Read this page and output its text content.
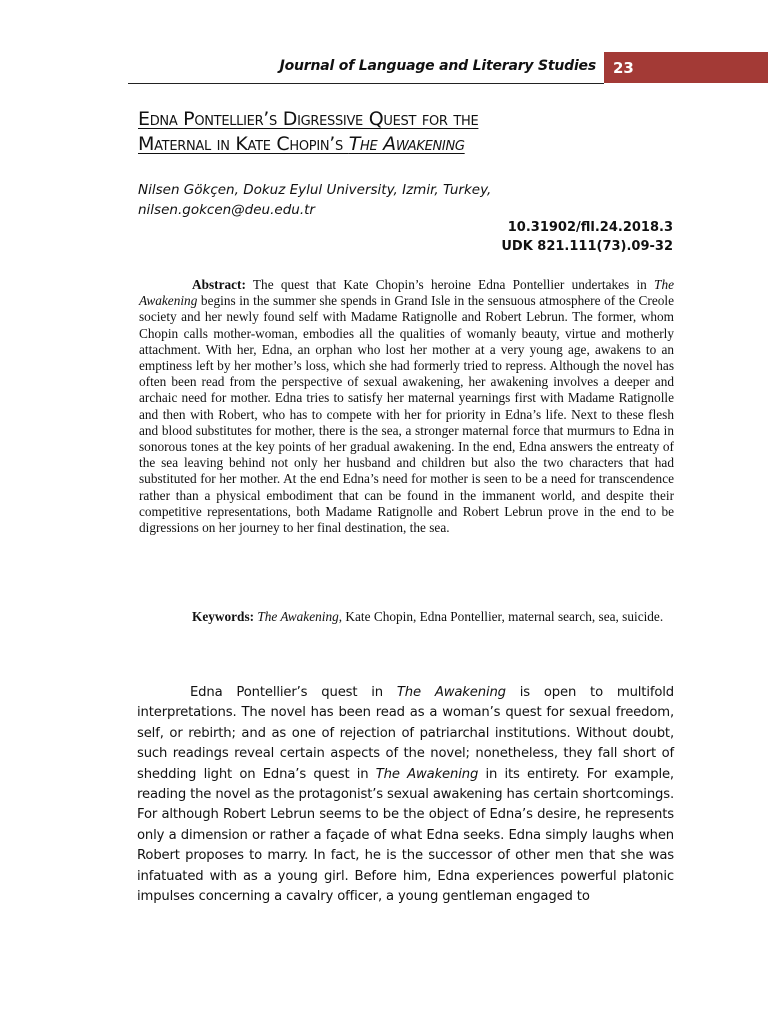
Journal of Language and Literary Studies 23
Edna Pontellier’s Digressive Quest for the
Maternal in Kate Chopin’s The Awakening
Nilsen Gökçen, Dokuz Eylul University, Izmir, Turkey,
nilsen.gokcen@deu.edu.tr
10.31902/fll.24.2018.3
UDK 821.111(73).09-32

Abstract: The quest that Kate Chopin’s heroine Edna Pontellier undertakes in The Awakening begins in the summer she spends in Grand Isle in the sensuous atmosphere of the Creole society and her newly found self with Madame Ratignolle and Robert Lebrun. The former, whom Chopin calls mother-woman, embodies all the qualities of womanly beauty, virtue and motherly attachment. With her, Edna, an orphan who lost her mother at a very young age, awakens to an emptiness left by her mother’s loss, which she had formerly tried to repress. Although the novel has often been read from the perspective of sexual awakening, her awakening involves a deeper and archaic need for mother. Edna tries to satisfy her maternal yearnings first with Madame Ratignolle and then with Robert, who has to compete with her for priority in Edna’s life. Next to these flesh and blood substitutes for mother, there is the sea, a stronger maternal force that murmurs to Edna in sonorous tones at the key points of her gradual awakening. In the end, Edna answers the entreaty of the sea leaving behind not only her husband and children but also the two characters that had substituted for her mother. At the end Edna’s need for mother is seen to be a need for transcendence rather than a physical embodiment that can be found in the immanent world, and despite their competitive representations, both Madame Ratignolle and Robert Lebrun prove in the end to be digressions on her journey to her final destination, the sea.

Keywords: The Awakening, Kate Chopin, Edna Pontellier, maternal search, sea, suicide.

Edna Pontellier’s quest in The Awakening is open to multifold interpretations. The novel has been read as a woman’s quest for sexual freedom, self, or rebirth; and as one of rejection of patriarchal institutions. Without doubt, such readings reveal certain aspects of the novel; nonetheless, they fall short of shedding light on Edna’s quest in The Awakening in its entirety. For example, reading the novel as the protagonist’s sexual awakening has certain shortcomings. For although Robert Lebrun seems to be the object of Edna’s desire, he represents only a dimension or rather a façade of what Edna seeks. Edna simply laughs when Robert proposes to marry. In fact, he is the successor of other men that she was infatuated with as a young girl. Before him, Edna experiences powerful platonic impulses concerning a cavalry officer, a young gentleman engaged to
